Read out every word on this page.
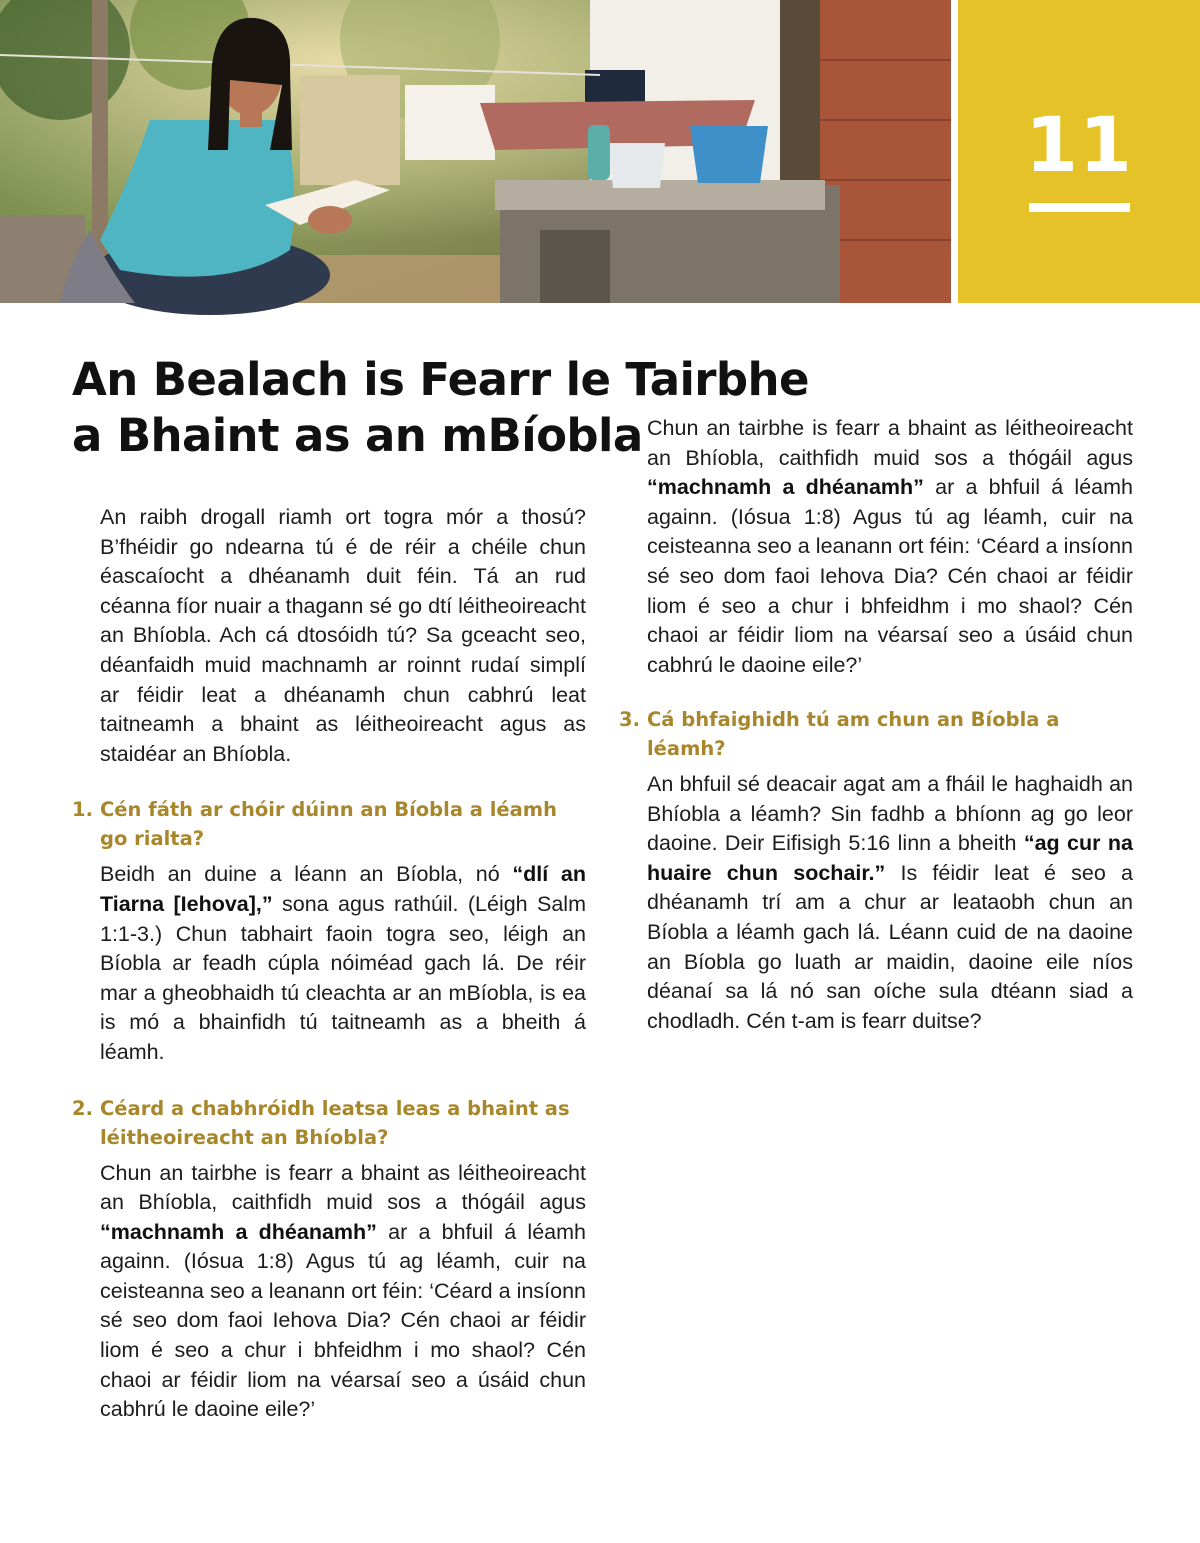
11
An Bealach is Fearr le Tairbhe
a Bhaint as an mBíobla

An raibh drogall riamh ort togra mór a thosú? B’fhéidir go ndearna tú é de réir a chéile chun éascaíocht a dhéanamh duit féin. Tá an rud céanna fíor nuair a thagann sé go dtí léitheoireacht an Bhíobla. Ach cá dtosóidh tú? Sa gceacht seo, déanfaidh muid machnamh ar roinnt rudaí simplí ar féidir leat a dhéanamh chun cabhrú leat taitneamh a bhaint as léitheoireacht agus as staidéar an Bhíobla.

1. Cén fáth ar chóir dúinn an Bíobla a léamh go rialta?

Beidh an duine a léann an Bíobla, nó “dlí an Tiarna [Iehova],” sona agus rathúil. (Léigh Salm 1:1-3.) Chun tabhairt faoin togra seo, léigh an Bíobla ar feadh cúpla nóiméad gach lá. De réir mar a gheobhaidh tú cleachta ar an mBíobla, is ea is mó a bhainfidh tú taitneamh as a bheith á léamh.

2. Céard a chabhróidh leatsa leas a bhaint as léitheoireacht an Bhíobla?

Chun an tairbhe is fearr a bhaint as léitheoireacht an Bhíobla, caithfidh muid sos a thógáil agus “machnamh a dhéanamh” ar a bhfuil á léamh againn. (Iósua 1:8) Agus tú ag léamh, cuir na ceisteanna seo a leanann ort féin: ‘Céard a insíonn sé seo dom faoi Iehova Dia? Cén chaoi ar féidir liom é seo a chur i bhfeidhm i mo shaol? Cén chaoi ar féidir liom na véarsaí seo a úsáid chun cabhrú le daoine eile?’

Chun an tairbhe is fearr a bhaint as léitheoireacht an Bhíobla, caithfidh muid sos a thógáil agus “machnamh a dhéanamh” ar a bhfuil á léamh againn. (Iósua 1:8) Agus tú ag léamh, cuir na ceisteanna seo a leanann ort féin: ‘Céard a insíonn sé seo dom faoi Iehova Dia? Cén chaoi ar féidir liom é seo a chur i bhfeidhm i mo shaol? Cén chaoi ar féidir liom na véarsaí seo a úsáid chun cabhrú le daoine eile?’

3. Cá bhfaighidh tú am chun an Bíobla a léamh?

An bhfuil sé deacair agat am a fháil le haghaidh an Bhíobla a léamh? Sin fadhb a bhíonn ag go leor daoine. Deir Eifisigh 5:16 linn a bheith “ag cur na huaire chun sochair.” Is féidir leat é seo a dhéanamh trí am a chur ar leataobh chun an Bíobla a léamh gach lá. Léann cuid de na daoine an Bíobla go luath ar maidin, daoine eile níos déanaí sa lá nó san oíche sula dtéann siad a chodladh. Cén t-am is fearr duitse?
